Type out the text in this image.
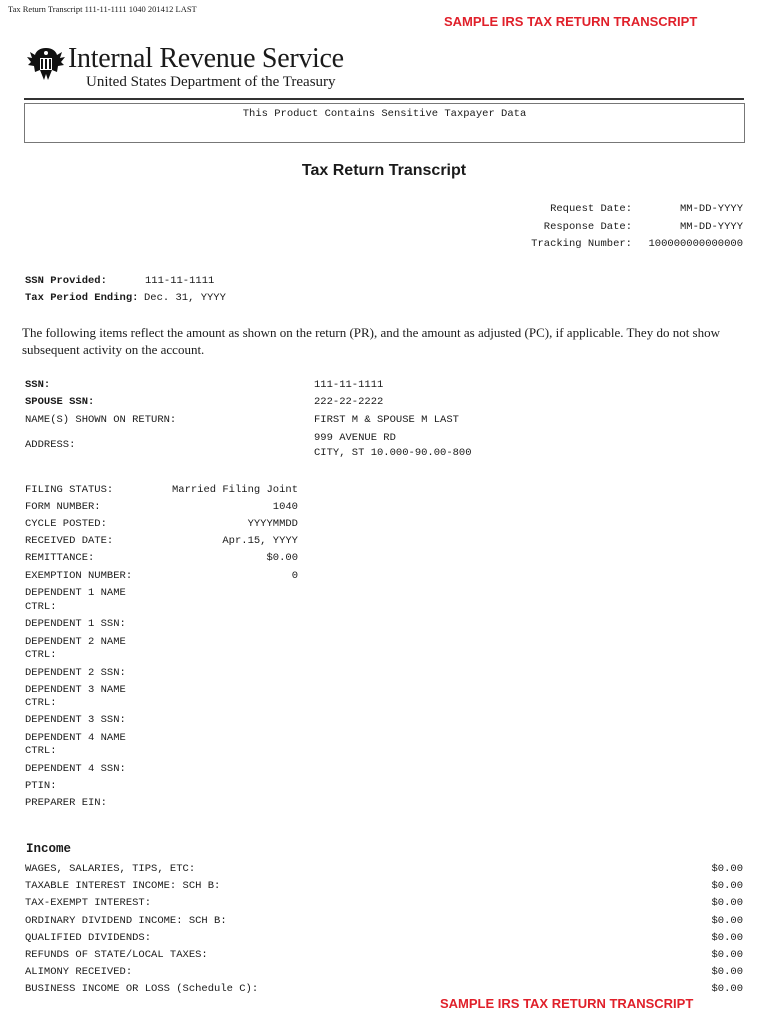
Tax Return Transcript 111-11-1111 1040 201412 LAST
SAMPLE IRS TAX RETURN TRANSCRIPT
Internal Revenue Service
United States Department of the Treasury
This Product Contains Sensitive Taxpayer Data
Tax Return Transcript
Request Date:	MM-DD-YYYY
Response Date:	MM-DD-YYYY
Tracking Number:	100000000000000
SSN Provided:	111-11-1111
Tax Period Ending: Dec. 31, YYYY
The following items reflect the amount as shown on the return (PR), and the amount as adjusted (PC), if applicable. They do not show subsequent activity on the account.
SSN:	111-11-1111
SPOUSE SSN:	222-22-2222
NAME(S) SHOWN ON RETURN:	FIRST M & SPOUSE M LAST
ADDRESS:
999 AVENUE RD
CITY, ST 10.000-90.00-800
FILING STATUS:	Married Filing Joint
FORM NUMBER:	1040
CYCLE POSTED:	YYYYMMDD
RECEIVED DATE:	Apr.15, YYYY
REMITTANCE:	$0.00
EXEMPTION NUMBER:	0
DEPENDENT 1 NAME
CTRL:
DEPENDENT 1 SSN:
DEPENDENT 2 NAME
CTRL:
DEPENDENT 2 SSN:
DEPENDENT 3 NAME
CTRL:
DEPENDENT 3 SSN:
DEPENDENT 4 NAME
CTRL:
DEPENDENT 4 SSN:
PTIN:
PREPARER EIN:
Income
WAGES, SALARIES, TIPS, ETC:	$0.00
TAXABLE INTEREST INCOME: SCH B:	$0.00
TAX-EXEMPT INTEREST:	$0.00
ORDINARY DIVIDEND INCOME: SCH B:	$0.00
QUALIFIED DIVIDENDS:	$0.00
REFUNDS OF STATE/LOCAL TAXES:	$0.00
ALIMONY RECEIVED:	$0.00
BUSINESS INCOME OR LOSS (Schedule C):	$0.00
SAMPLE IRS TAX RETURN TRANSCRIPT
